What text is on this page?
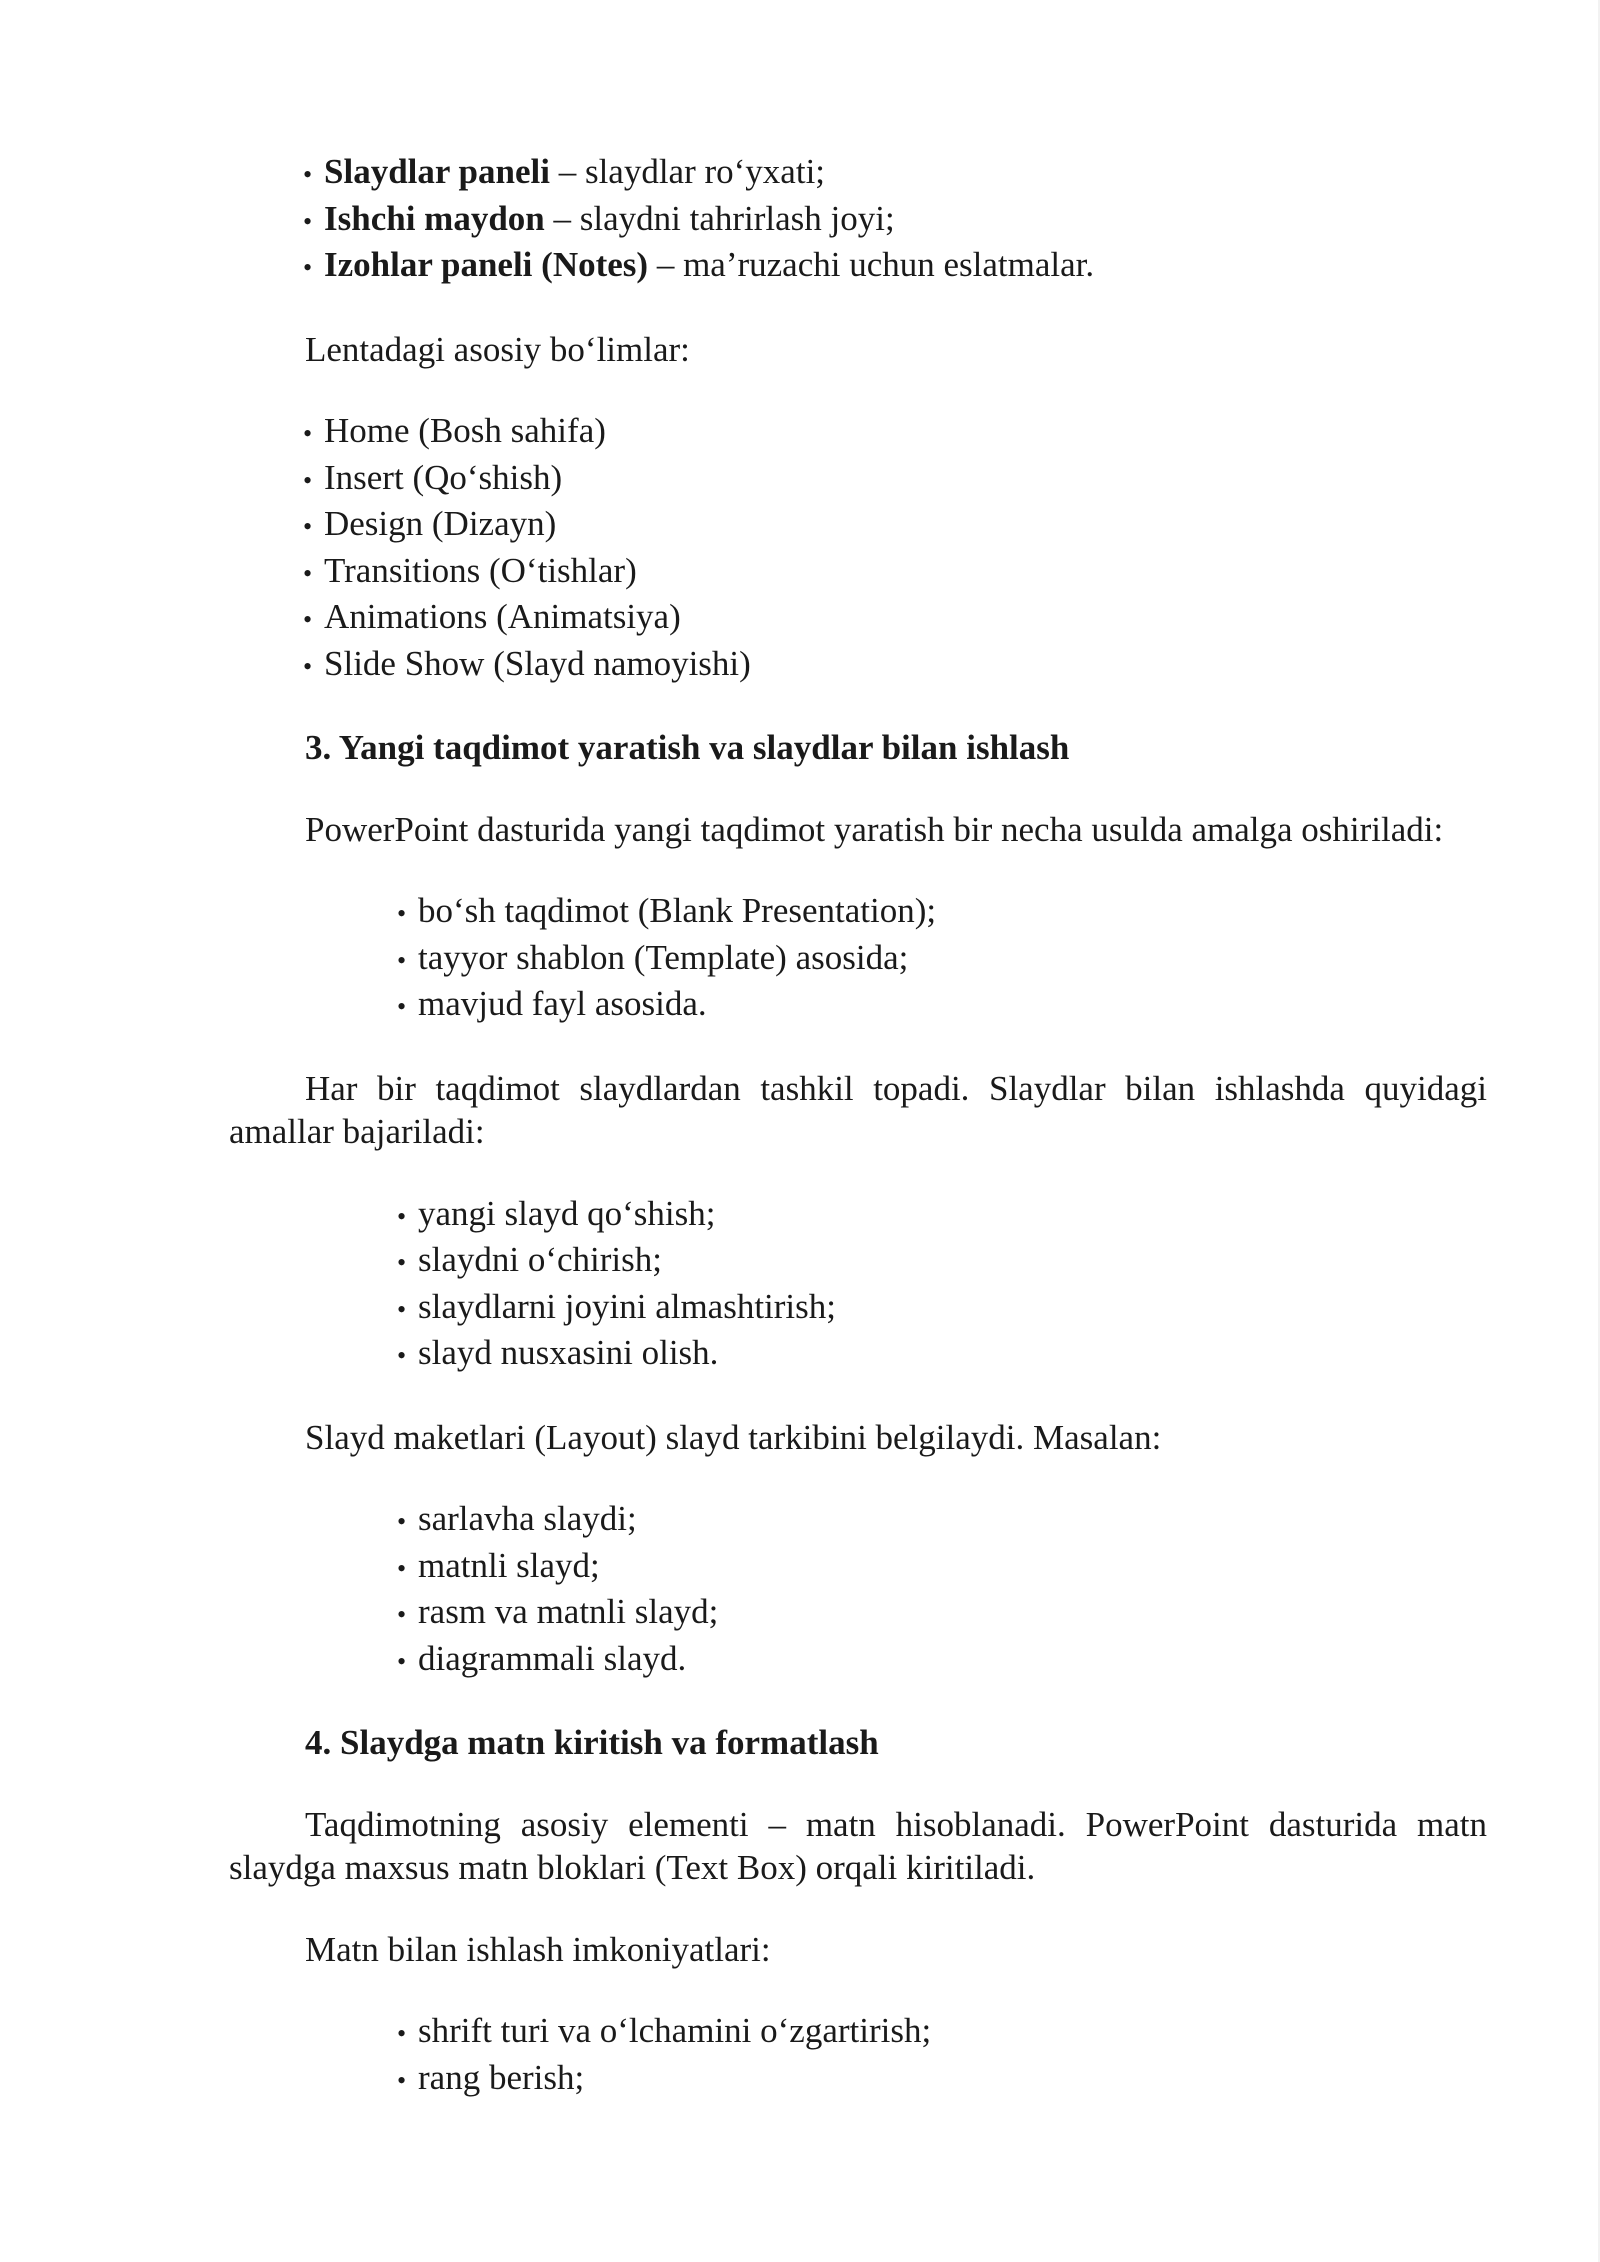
•Slaydlar paneli – slaydlar ro‘yxati;
•Ishchi maydon – slaydni tahrirlash joyi;
•Izohlar paneli (Notes) – ma’ruzachi uchun eslatmalar.

Lentadagi asosiy bo‘limlar:

•Home (Bosh sahifa)
•Insert (Qo‘shish)
•Design (Dizayn)
•Transitions (O‘tishlar)
•Animations (Animatsiya)
•Slide Show (Slayd namoyishi)

3. Yangi taqdimot yaratish va slaydlar bilan ishlash

PowerPoint dasturida yangi taqdimot yaratish bir necha usulda amalga oshiriladi:

•bo‘sh taqdimot (Blank Presentation);
•tayyor shablon (Template) asosida;
•mavjud fayl asosida.

Har bir taqdimot slaydlardan tashkil topadi. Slaydlar bilan ishlashda quyidagi amallar bajariladi:

•yangi slayd qo‘shish;
•slaydni o‘chirish;
•slaydlarni joyini almashtirish;
•slayd nusxasini olish.

Slayd maketlari (Layout) slayd tarkibini belgilaydi. Masalan:

•sarlavha slaydi;
•matnli slayd;
•rasm va matnli slayd;
•diagrammali slayd.

4. Slaydga matn kiritish va formatlash

Taqdimotning asosiy elementi – matn hisoblanadi. PowerPoint dasturida matn slaydga maxsus matn bloklari (Text Box) orqali kiritiladi.

Matn bilan ishlash imkoniyatlari:

•shrift turi va o‘lchamini o‘zgartirish;
•rang berish;
